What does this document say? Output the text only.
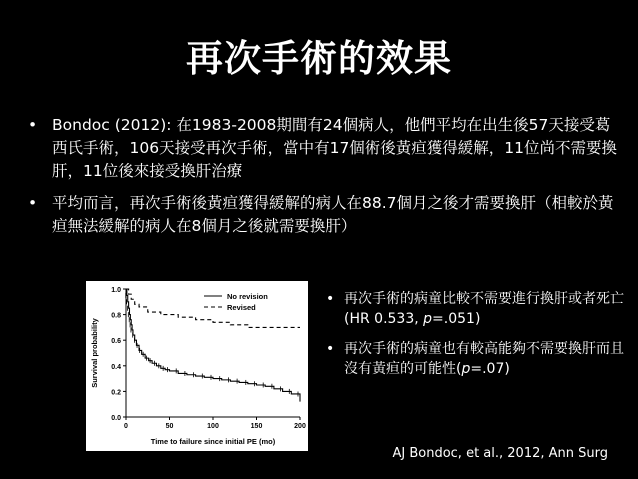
再次手術的效果
• Bondoc (2012): 在1983-2008期間有24個病人，他們平均在出生後57天接受葛西氏手術，106天接受再次手術，當中有17個術後黃疸獲得緩解，11位尚不需要換肝，11位後來接受換肝治療
• 平均而言，再次手術後黃疸獲得緩解的病人在88.7個月之後才需要換肝（相較於黃疸無法緩解的病人在8個月之後就需要換肝）
0.0
0.2
0.4
0.6
0.8
1.0
0	50	100	150	200
Time to failure since initial PE (mo)
Survival probability
No revision
Revised
• 再次手術的病童比較不需要進行換肝或者死亡(HR 0.533, p=.051)
• 再次手術的病童也有較高能夠不需要換肝而且沒有黃疸的可能性(p=.07)
AJ Bondoc, et al., 2012, Ann Surg
